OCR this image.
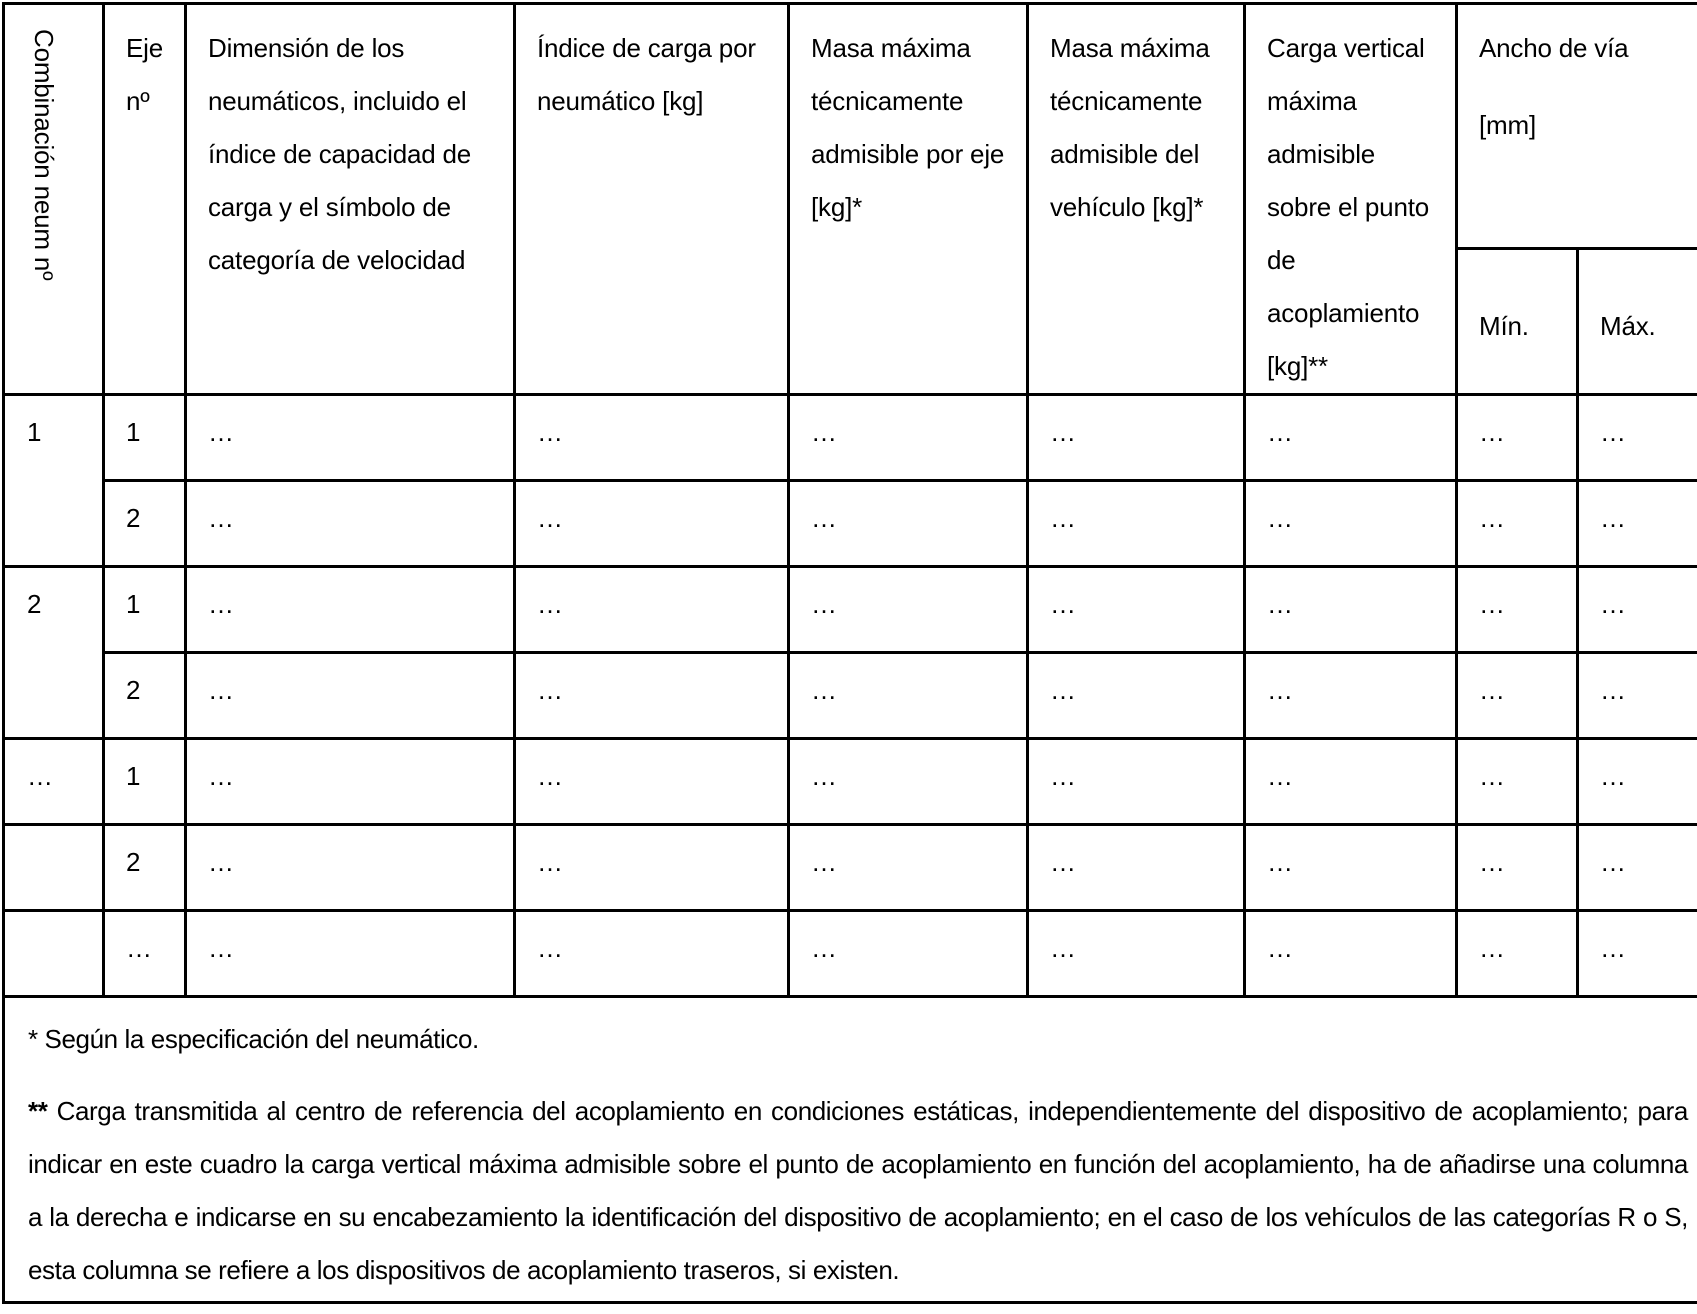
Combinación neum nº	Eje nº	Dimensión de los neumáticos, incluido el índice de capacidad de carga y el símbolo de categoría de velocidad	Índice de carga por neumático [kg]	Masa máxima técnicamente admisible por eje [kg]*	Masa máxima técnicamente admisible del vehículo [kg]*	Carga vertical máxima admisible sobre el punto de acoplamiento [kg]**	Ancho de vía [mm]	
							Mín.	Máx.
1	1	…	…	…	…	…	…	…
	2	…	…	…	…	…	…	…
2	1	…	…	…	…	…	…	…
	2	…	…	…	…	…	…	…
…	1	…	…	…	…	…	…	…
	2	…	…	…	…	…	…	…
	…	…	…	…	…	…	…	…

* Según la especificación del neumático.

** Carga transmitida al centro de referencia del acoplamiento en condiciones estáticas, independientemente del dispositivo de acoplamiento; para indicar en este cuadro la carga vertical máxima admisible sobre el punto de acoplamiento en función del acoplamiento, ha de añadirse una columna a la derecha e indicarse en su encabezamiento la identificación del dispositivo de acoplamiento; en el caso de los vehículos de las categorías R o S, esta columna se refiere a los dispositivos de acoplamiento traseros, si existen.								
